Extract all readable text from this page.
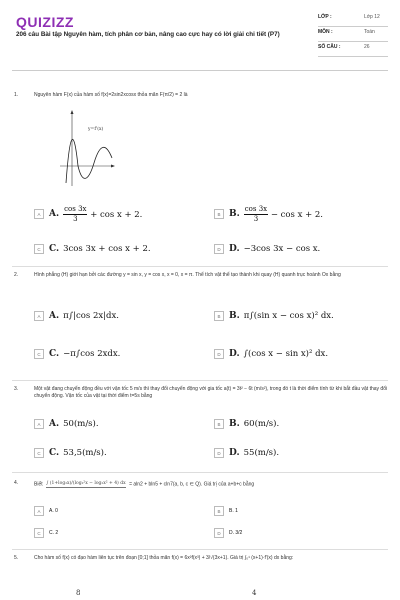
QUIZIZZ
206 câu Bài tập Nguyên hàm, tích phân cơ bản, nâng cao cực hay có lời giải chi tiết (P7)
LỚP :	Lớp 12
MÔN :	Toán
SỐ CÂU :	26
1.	Nguyên hàm F(x) của hàm số f(x)=2sin2xcosx thỏa mãn F(π/2) = 2 là
y=f'(x)
A A. $\frac{\cos 3x}{3} + \cos x + 2$.	B B. $\frac{\cos 3x}{3} - \cos x + 2$.
C C. 3cos 3x + cos x + 2.	D D. −3cos 3x − cos x.
2.	Hình phẳng (H) giới hạn bởi các đường y = sin x, y = cos x, x = 0, x = π. Thể tích vật thể tạo thành khi quay (H) quanh trục hoành Ox bằng
A A. π∫|cos 2x|dx.	B B. π∫(sin x − cos x)² dx.
C C. −π∫cos 2xdx.	D D. ∫(cos x − sin x)² dx.
3.	Một vật đang chuyển động đều với vận tốc 5 m/s thì thay đổi chuyển động với gia tốc a(t) = 3t² − 6t (m/s²), trong đó t là thời điểm tính từ khi bắt đầu vật thay đổi chuyển động. Vận tốc của vật tại thời điểm t=5s bằng
A A. 50(m/s).	B B. 60(m/s).
C C. 53,5(m/s).	D D. 55(m/s).
4.	Biết ∫ (1+log₂x)/(log₂²x − log₂x² + 4) dx = aln2 + bln5 + cln7(a, b, c ∈ Q). Giá trị của a+b+c bằng
A	A. 0	B	B. 1
C	C. 2	D	D. 3/2
5.	Cho hàm số f(x) có đạo hàm liên tục trên đoạn [0;1] thỏa mãn f(x) = 6x²f(x³) + 3/√(3x+1). Giá trị ∫₀¹ (x+1)·f′(x) dx bằng:
8	4
